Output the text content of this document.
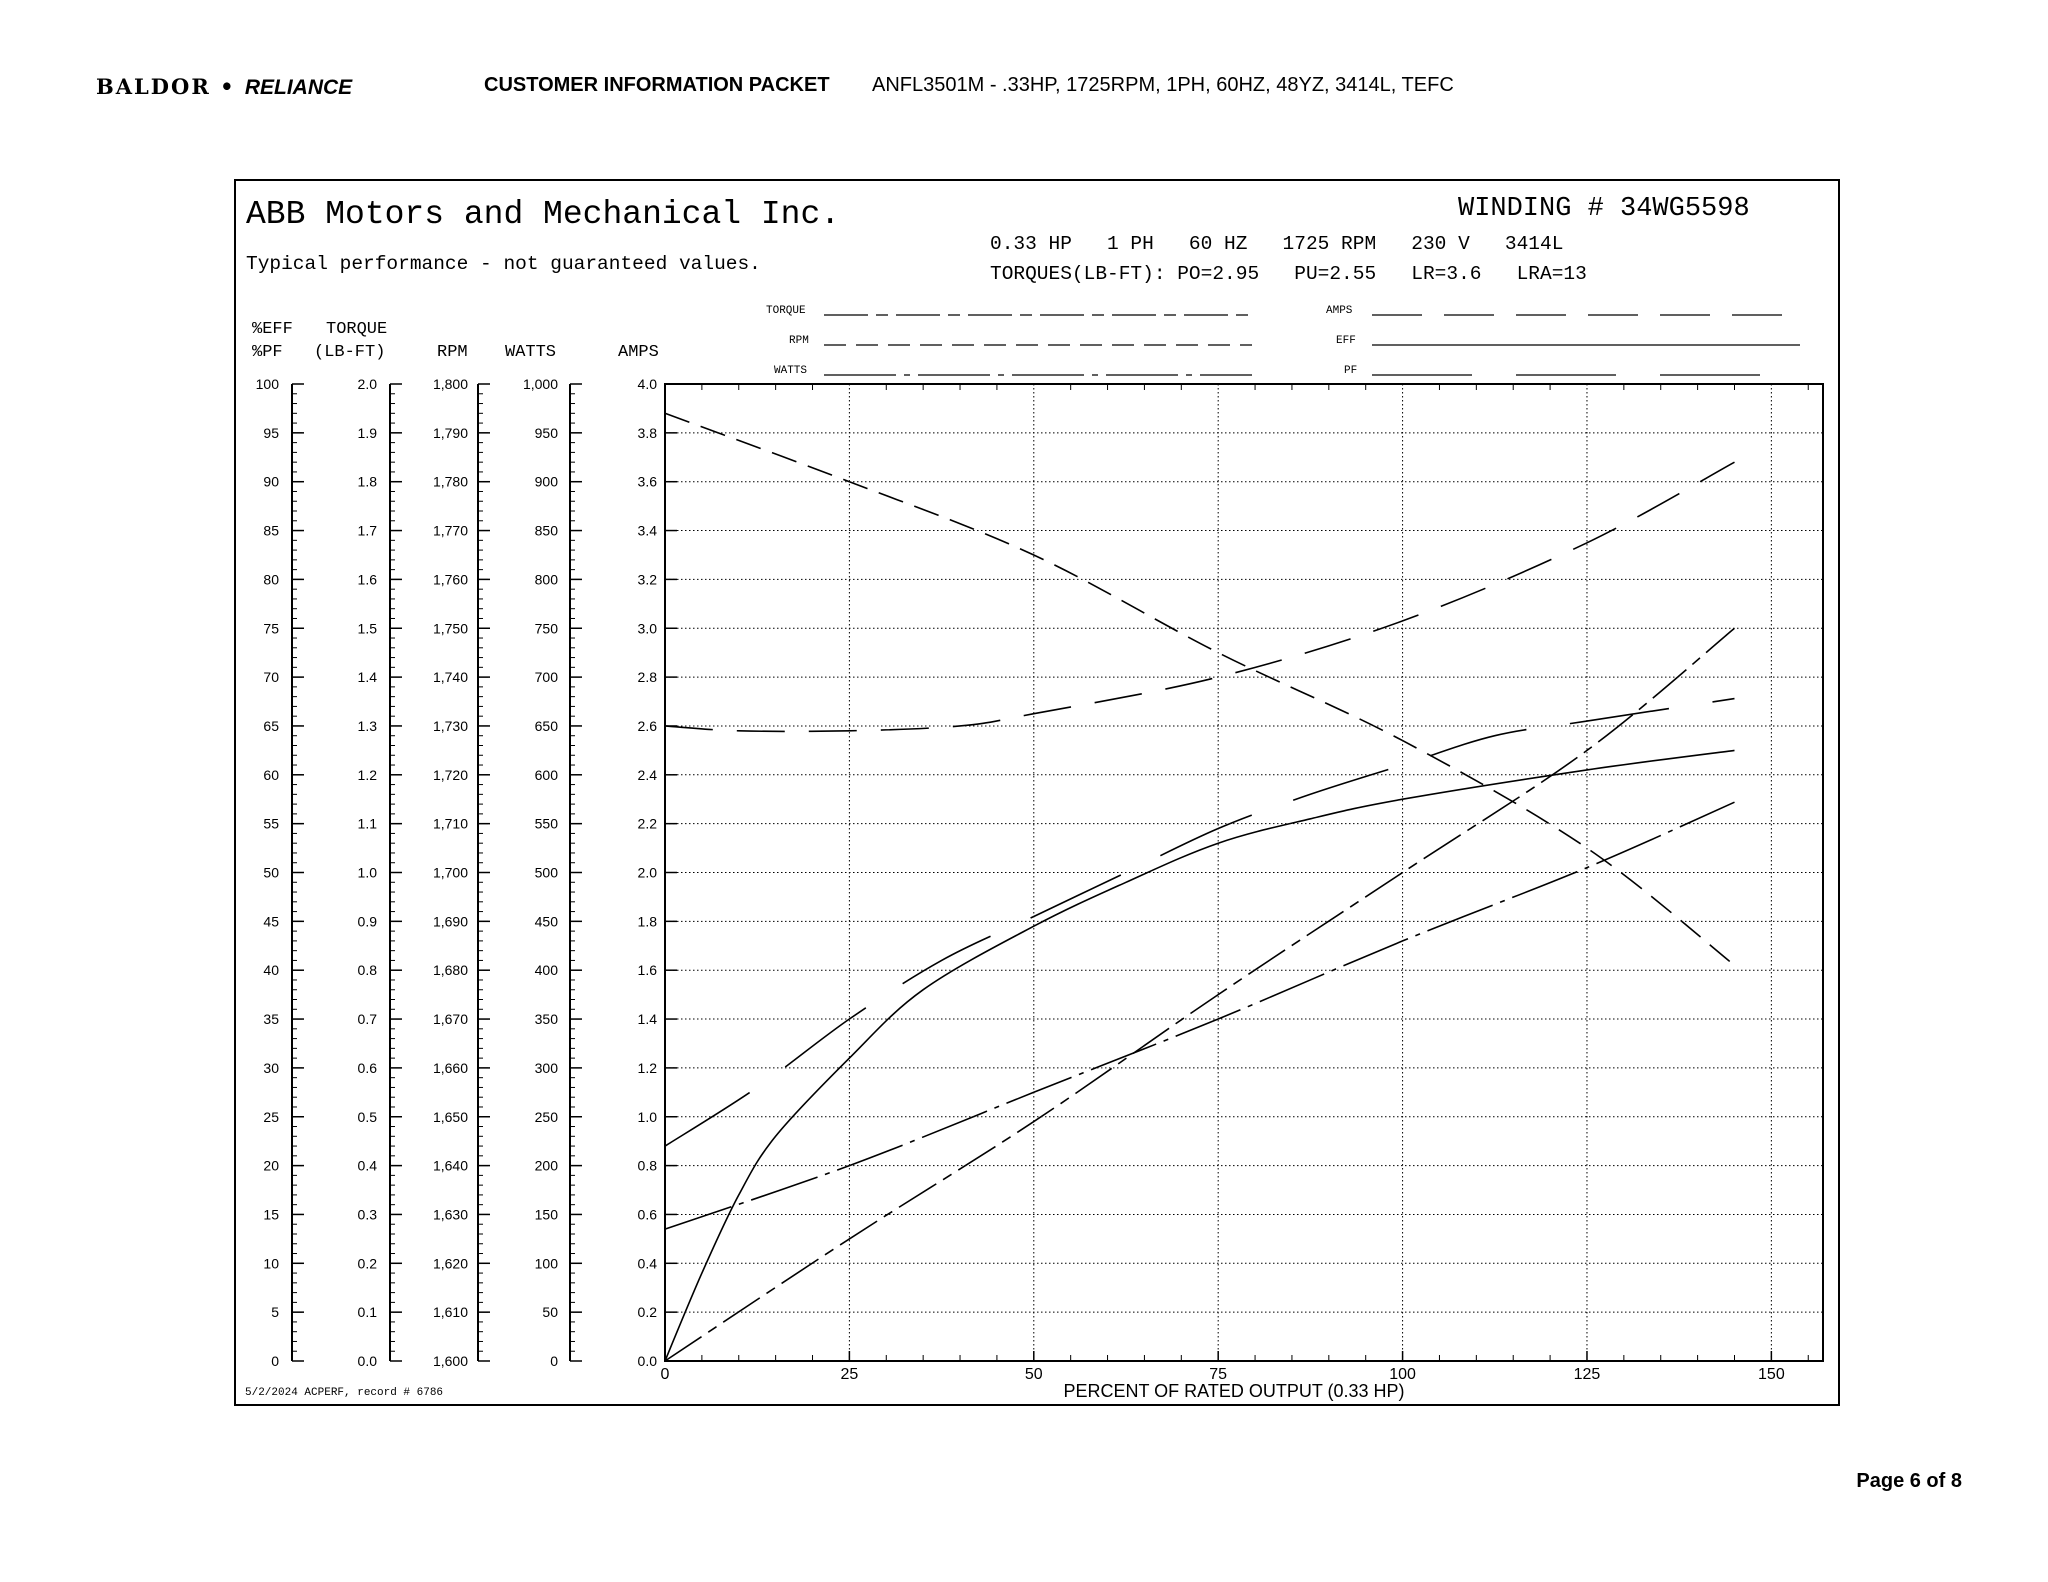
BALDOR • RELIANCE	CUSTOMER INFORMATION PACKET ANFL3501M - .33HP, 1725RPM, 1PH, 60HZ, 48YZ, 3414L, TEFC
ABB Motors and Mechanical Inc.
Typical performance - not guaranteed values.
WINDING # 34WG5598
0.33 HP   1 PH   60 HZ   1725 RPM   230 V   3414L
TORQUES(LB-FT): PO=2.95   PU=2.55   LR=3.6   LRA=13
5/2/2024 ACPERF, record # 6786
%EFF
%PF
TORQUE
(LB-FT)	RPM WATTS	AMPS
TORQUE
RPM
WATTS
AMPS
EFF
PF
0	25	50	75	100	125	150
PERCENT OF RATED OUTPUT (0.33 HP)
0
5
10
15
20
25
30
35
40
45
50
55
60
65
70
75
80
85
90
95
100
0.0
0.1
0.2
0.3
0.4
0.5
0.6
0.7
0.8
0.9
1.0
1.1
1.2
1.3
1.4
1.5
1.6
1.7
1.8
1.9
2.0
1,600
1,610
1,620
1,630
1,640
1,650
1,660
1,670
1,680
1,690
1,700
1,710
1,720
1,730
1,740
1,750
1,760
1,770
1,780
1,790
1,800
0
50
100
150
200
250
300
350
400
450
500
550
600
650
700
750
800
850
900
950
1,000
0.0
0.2
0.4
0.6
0.8
1.0
1.2
1.4
1.6
1.8
2.0
2.2
2.4
2.6
2.8
3.0
3.2
3.4
3.6
3.8
4.0
Page 6 of 8
